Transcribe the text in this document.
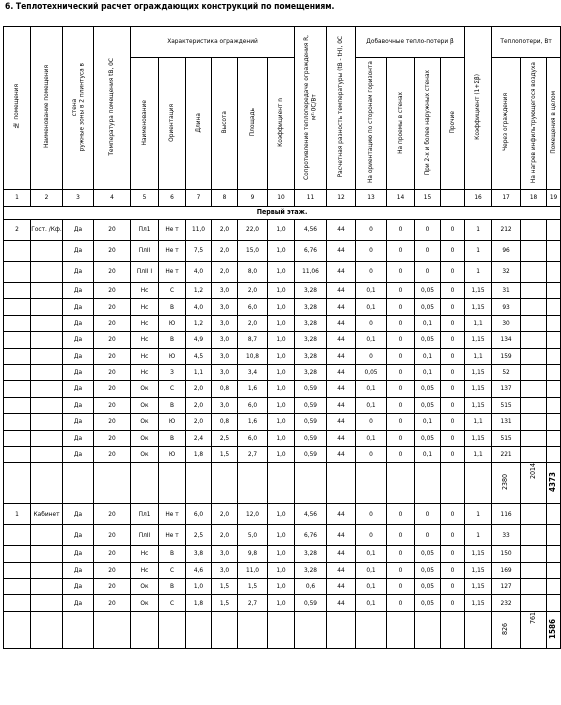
6. Теплотехнический расчет ограждающих конструкций по помещениям.
№ помещения	Наименование помещения	стена
ружные зоны в 2 плинтуса в	Температура помещения tB, 0С	Характеристика ограждений						Сопротивление теплопередаче ограждения R, м²·0С/Вт	Расчетная разность температуры (tB - tH), 0С	Добавочные тепло-потери β				Коэффициент (1+Σβ)	Теплопотери, Вт		
				Наименование	Ориентация	Длина	Высота	Площадь	Коэффициент n			На ориентацию по сторонам горизонта	На проемы в стенах	При 2-х и более наружных стенах	Прочие		Через ограждения	На нагрев инфильтрующегося воздуха	Помещения в целом
1	2	3	4	5	6	7	8	9	10	11	12	13	14	15		16	17	18	19
Первый этаж.																			
2	Гост. /Кф.	Да	20	Пл1	Не т	11,0	2,0	22,0	1,0	4,56	44	0	0	0	0	1	212		
		Да	20	ПлII	Не т	7,5	2,0	15,0	1,0	6,76	44	0	0	0	0	1	96		
		Да	20	ПлII I	Не т	4,0	2,0	8,0	1,0	11,06	44	0	0	0	0	1	32		
		Да	20	Нс	С	1,2	3,0	2,0	1,0	3,28	44	0,1	0	0,05	0	1,15	31		
		Да	20	Нс	В	4,0	3,0	6,0	1,0	3,28	44	0,1	0	0,05	0	1,15	93		
		Да	20	Нс	Ю	1,2	3,0	2,0	1,0	3,28	44	0	0	0,1	0	1,1	30		
		Да	20	Нс	В	4,9	3,0	8,7	1,0	3,28	44	0,1	0	0,05	0	1,15	134		
		Да	20	Нс	Ю	4,5	3,0	10,8	1,0	3,28	44	0	0	0,1	0	1,1	159		
		Да	20	Нс	З	1,1	3,0	3,4	1,0	3,28	44	0,05	0	0,1	0	1,15	52		
		Да	20	Ок	С	2,0	0,8	1,6	1,0	0,59	44	0,1	0	0,05	0	1,15	137		
		Да	20	Ок	В	2,0	3,0	6,0	1,0	0,59	44	0,1	0	0,05	0	1,15	515		
		Да	20	Ок	Ю	2,0	0,8	1,6	1,0	0,59	44	0	0	0,1	0	1,1	131		
		Да	20	Ок	В	2,4	2,5	6,0	1,0	0,59	44	0,1	0	0,05	0	1,15	515		
		Да	20	Ок	Ю	1,8	1,5	2,7	1,0	0,59	44	0	0	0,1	0	1,1	221		
																	2380	2014	4373
1	Кабинет	Да	20	Пл1	Не т	6,0	2,0	12,0	1,0	4,56	44	0	0	0	0	1	116		
		Да	20	ПлII	Не т	2,5	2,0	5,0	1,0	6,76	44	0	0	0	0	1	33		
		Да	20	Нс	В	3,8	3,0	9,8	1,0	3,28	44	0,1	0	0,05	0	1,15	150		
		Да	20	Нс	С	4,6	3,0	11,0	1,0	3,28	44	0,1	0	0,05	0	1,15	169		
		Да	20	Ок	В	1,0	1,5	1,5	1,0	0,6	44	0,1	0	0,05	0	1,15	127		
		Да	20	Ок	С	1,8	1,5	2,7	1,0	0,59	44	0,1	0	0,05	0	1,15	232		
																	826	761	1586
